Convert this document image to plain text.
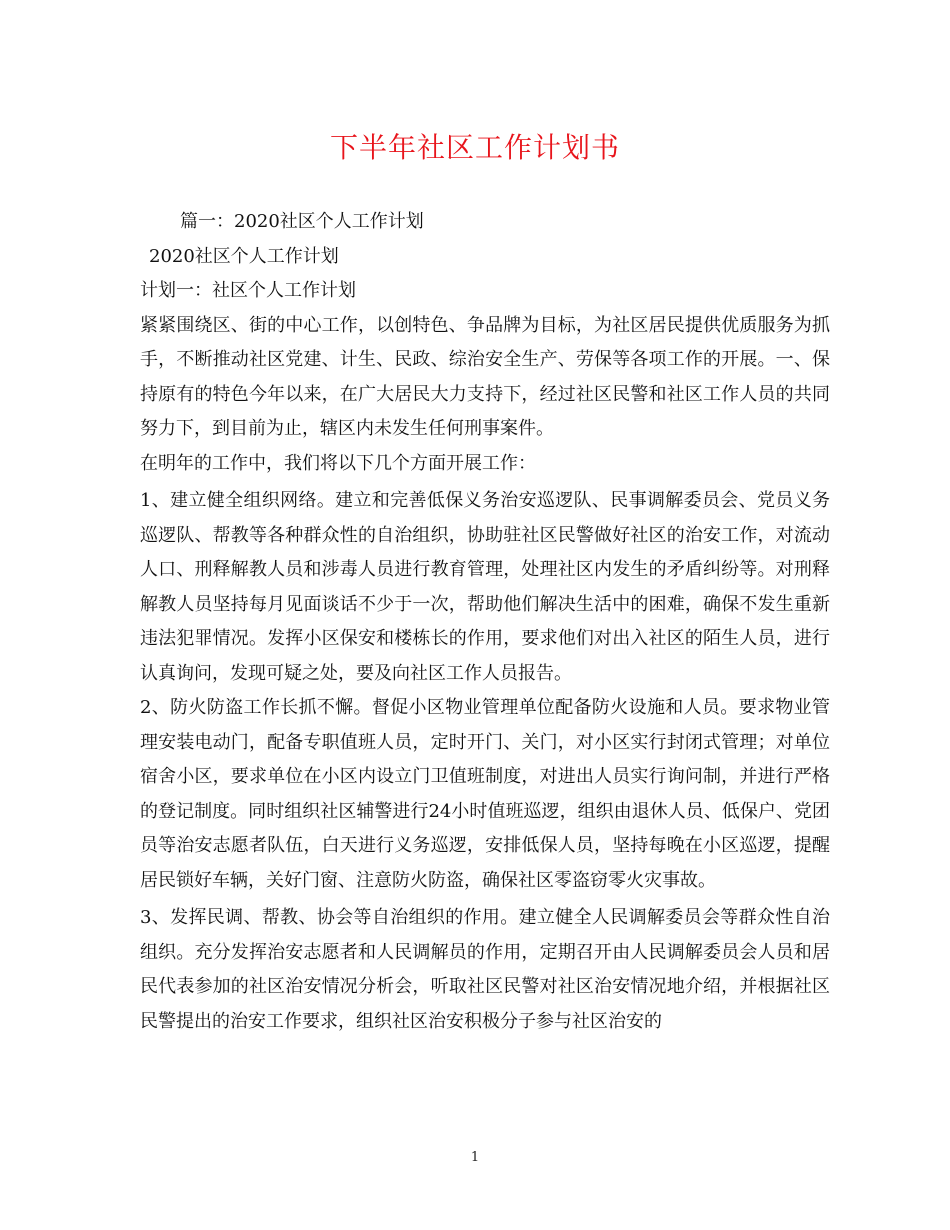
下半年社区工作计划书

篇一：2020社区个人工作计划

2020社区个人工作计划

计划一：社区个人工作计划

紧紧围绕区、街的中心工作，以创特色、争品牌为目标，为社区居民提供优质服务为抓手，不断推动社区党建、计生、民政、综治安全生产、劳保等各项工作的开展。一、保持原有的特色今年以来，在广大居民大力支持下，经过社区民警和社区工作人员的共同努力下，到目前为止，辖区内未发生任何刑事案件。

在明年的工作中，我们将以下几个方面开展工作：

1、建立健全组织网络。建立和完善低保义务治安巡逻队、民事调解委员会、党员义务巡逻队、帮教等各种群众性的自治组织，协助驻社区民警做好社区的治安工作，对流动人口、刑释解教人员和涉毒人员进行教育管理，处理社区内发生的矛盾纠纷等。对刑释解教人员坚持每月见面谈话不少于一次，帮助他们解决生活中的困难，确保不发生重新违法犯罪情况。发挥小区保安和楼栋长的作用，要求他们对出入社区的陌生人员，进行认真询问，发现可疑之处，要及向社区工作人员报告。

2、防火防盗工作长抓不懈。督促小区物业管理单位配备防火设施和人员。要求物业管理安装电动门，配备专职值班人员，定时开门、关门，对小区实行封闭式管理；对单位宿舍小区，要求单位在小区内设立门卫值班制度，对进出人员实行询问制，并进行严格的登记制度。同时组织社区辅警进行24小时值班巡逻，组织由退休人员、低保户、党团员等治安志愿者队伍，白天进行义务巡逻，安排低保人员，坚持每晚在小区巡逻，提醒居民锁好车辆，关好门窗、注意防火防盗，确保社区零盗窃零火灾事故。

3、发挥民调、帮教、协会等自治组织的作用。建立健全人民调解委员会等群众性自治组织。充分发挥治安志愿者和人民调解员的作用，定期召开由人民调解委员会人员和居民代表参加的社区治安情况分析会，听取社区民警对社区治安情况地介绍，并根据社区民警提出的治安工作要求，组织社区治安积极分子参与社区治安的

1
